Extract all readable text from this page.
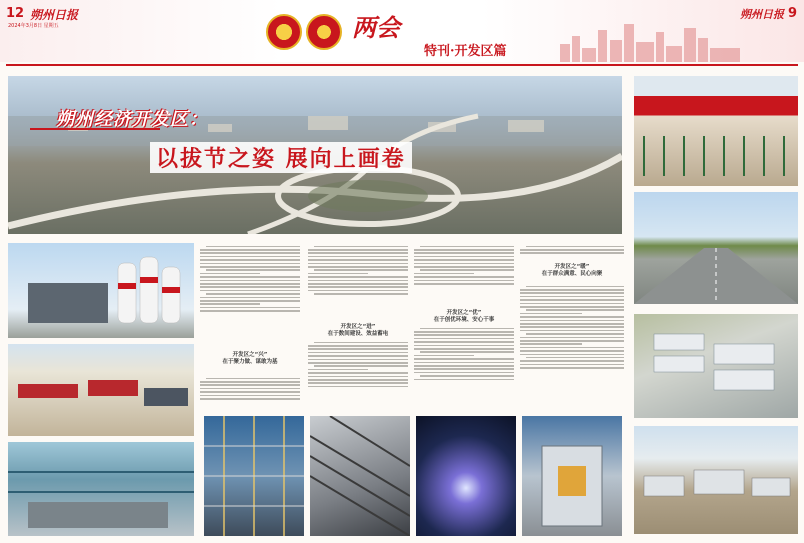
12 朔州日报
2024年3月8日 星期五	两会
特刊·开发区篇
朔州日报 9
朔州经济开发区：
以拔节之姿 展向上画卷
开发区之“兴”
在于聚力做、谋敢为基
开发区之“进”
在于数间建设、效益蓄电
开发区之“优”
在于创优环境、安心干事
开发区之“暖”
在于群众满意、民心向聚
